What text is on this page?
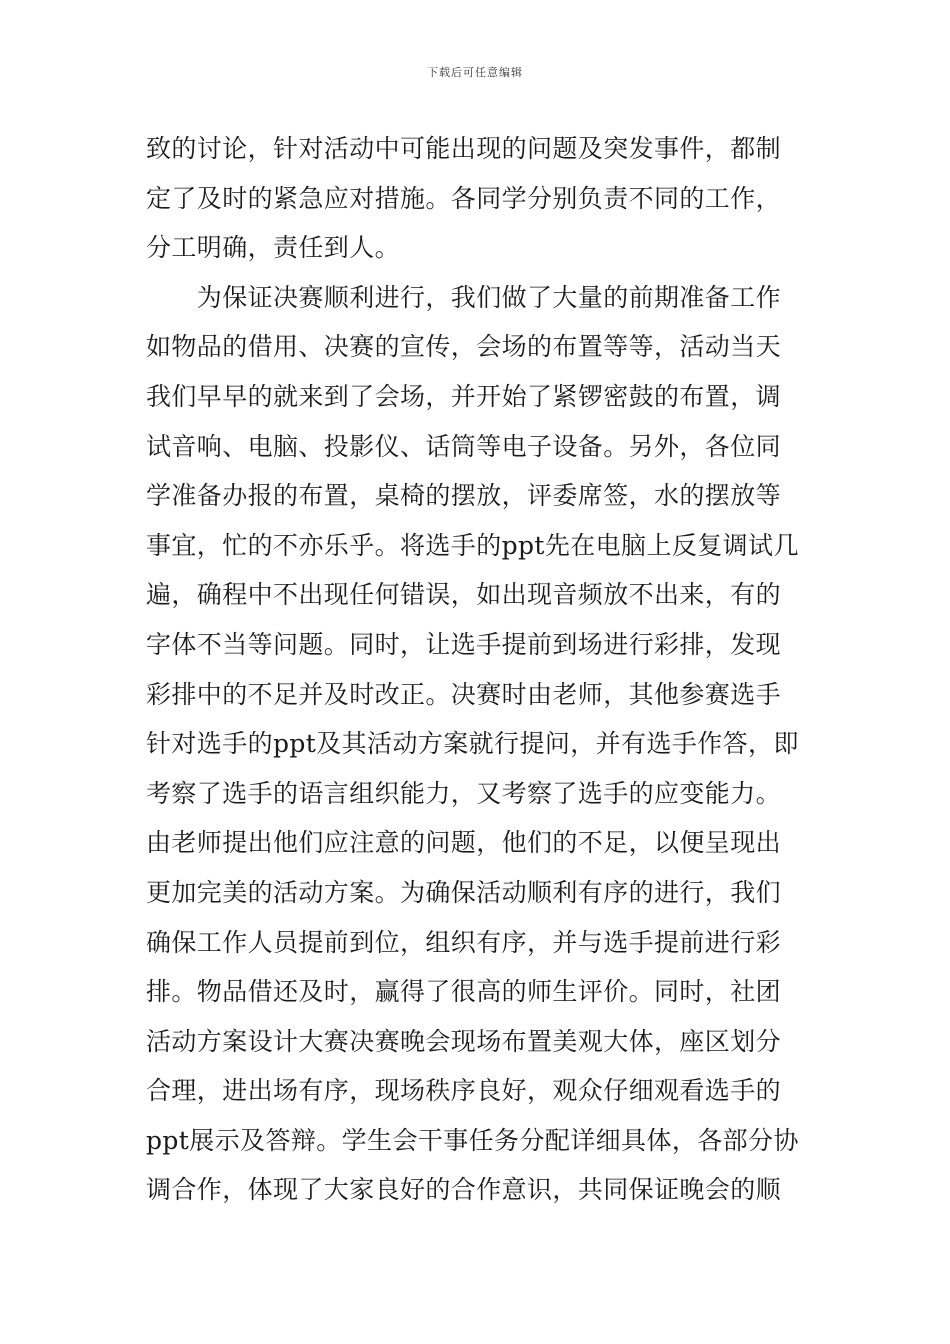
下载后可任意编辑
致的讨论，针对活动中可能出现的问题及突发事件，都制
定了及时的紧急应对措施。各同学分别负责不同的工作，
分工明确，责任到人。
　　为保证决赛顺利进行，我们做了大量的前期准备工作
如物品的借用、决赛的宣传，会场的布置等等，活动当天
我们早早的就来到了会场，并开始了紧锣密鼓的布置，调
试音响、电脑、投影仪、话筒等电子设备。另外，各位同
学准备办报的布置，桌椅的摆放，评委席签，水的摆放等
事宜，忙的不亦乐乎。将选手的ppt先在电脑上反复调试几
遍，确程中不出现任何错误，如出现音频放不出来，有的
字体不当等问题。同时，让选手提前到场进行彩排，发现
彩排中的不足并及时改正。决赛时由老师，其他参赛选手
针对选手的ppt及其活动方案就行提问，并有选手作答，即
考察了选手的语言组织能力，又考察了选手的应变能力。
由老师提出他们应注意的问题，他们的不足，以便呈现出
更加完美的活动方案。为确保活动顺利有序的进行，我们
确保工作人员提前到位，组织有序，并与选手提前进行彩
排。物品借还及时，赢得了很高的师生评价。同时，社团
活动方案设计大赛决赛晚会现场布置美观大体，座区划分
合理，进出场有序，现场秩序良好，观众仔细观看选手的
ppt展示及答辩。学生会干事任务分配详细具体，各部分协
调合作，体现了大家良好的合作意识，共同保证晚会的顺
